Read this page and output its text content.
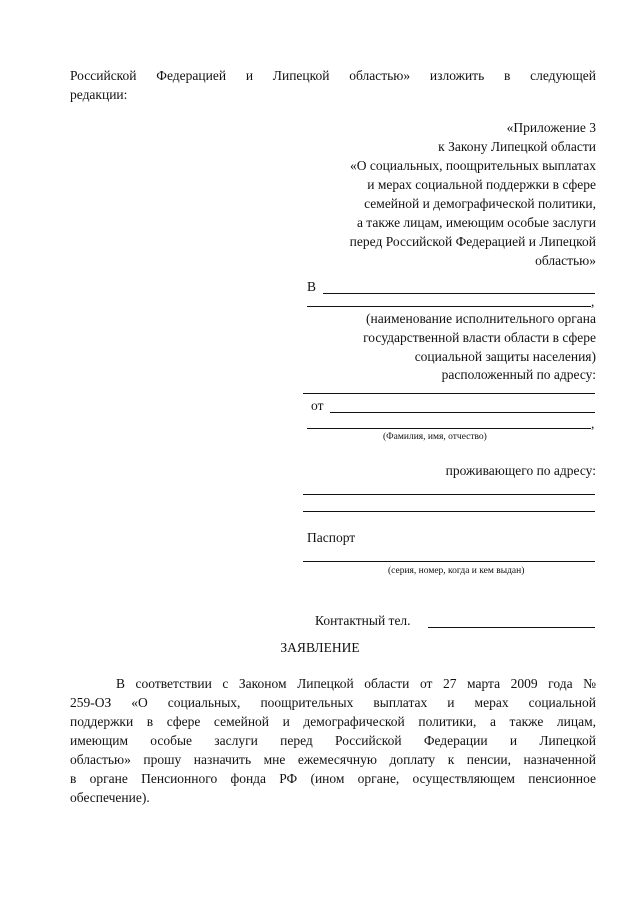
Российской Федерацией и Липецкой областью» изложить в следующей
редакции:
«Приложение 3
к Закону Липецкой области
«О социальных, поощрительных выплатах
и мерах социальной поддержки в сфере
семейной и демографической политики,
а также лицам, имеющим особые заслуги
перед Российской Федерацией и Липецкой
областью»
В
,
(наименование исполнительного органа
государственной власти области в сфере
социальной защиты населения)
расположенный по адресу:
от
,
(Фамилия, имя, отчество)
проживающего по адресу:
Паспорт
(серия, номер, когда и кем выдан)
Контактный тел.
ЗАЯВЛЕНИЕ
В соответствии с Законом Липецкой области от 27 марта 2009 года №
259-ОЗ «О социальных, поощрительных выплатах и мерах социальной
поддержки в сфере семейной и демографической политики, а также лицам,
имеющим особые заслуги перед Российской Федерации и Липецкой
областью» прошу назначить мне ежемесячную доплату к пенсии, назначенной
в органе Пенсионного фонда РФ (ином органе, осуществляющем пенсионное
обеспечение).
